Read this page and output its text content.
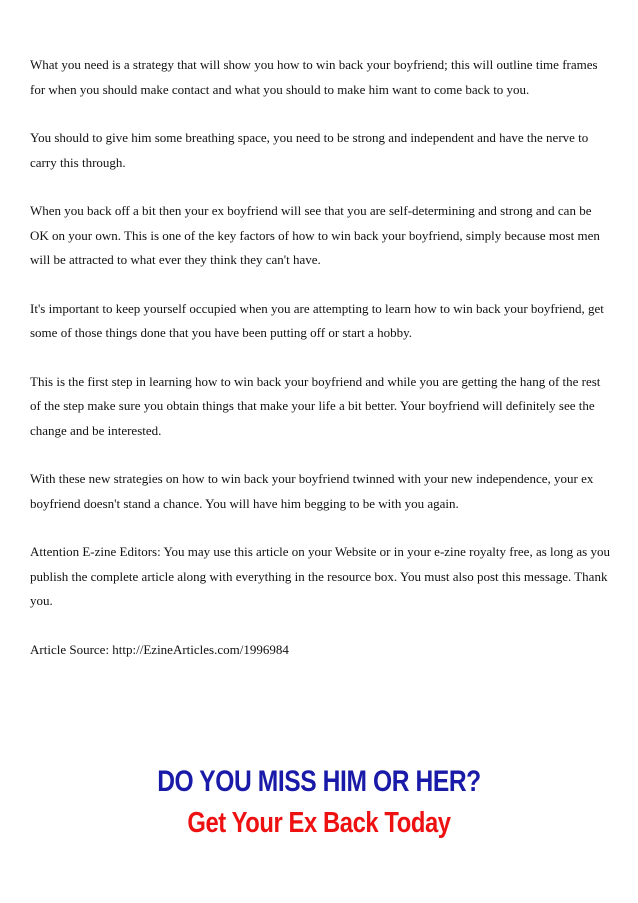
What you need is a strategy that will show you how to win back your boyfriend; this will outline time frames for when you should make contact and what you should to make him want to come back to you.

You should to give him some breathing space, you need to be strong and independent and have the nerve to carry this through.

When you back off a bit then your ex boyfriend will see that you are self-determining and strong and can be OK on your own. This is one of the key factors of how to win back your boyfriend, simply because most men will be attracted to what ever they think they can't have.

It's important to keep yourself occupied when you are attempting to learn how to win back your boyfriend, get some of those things done that you have been putting off or start a hobby.

This is the first step in learning how to win back your boyfriend and while you are getting the hang of the rest of the step make sure you obtain things that make your life a bit better. Your boyfriend will definitely see the change and be interested.

With these new strategies on how to win back your boyfriend twinned with your new independence, your ex boyfriend doesn't stand a chance. You will have him begging to be with you again.

Attention E-zine Editors: You may use this article on your Website or in your e-zine royalty free, as long as you publish the complete article along with everything in the resource box. You must also post this message. Thank you.

Article Source: http://EzineArticles.com/1996984

DO YOU MISS HIM OR HER?
Get Your Ex Back Today
